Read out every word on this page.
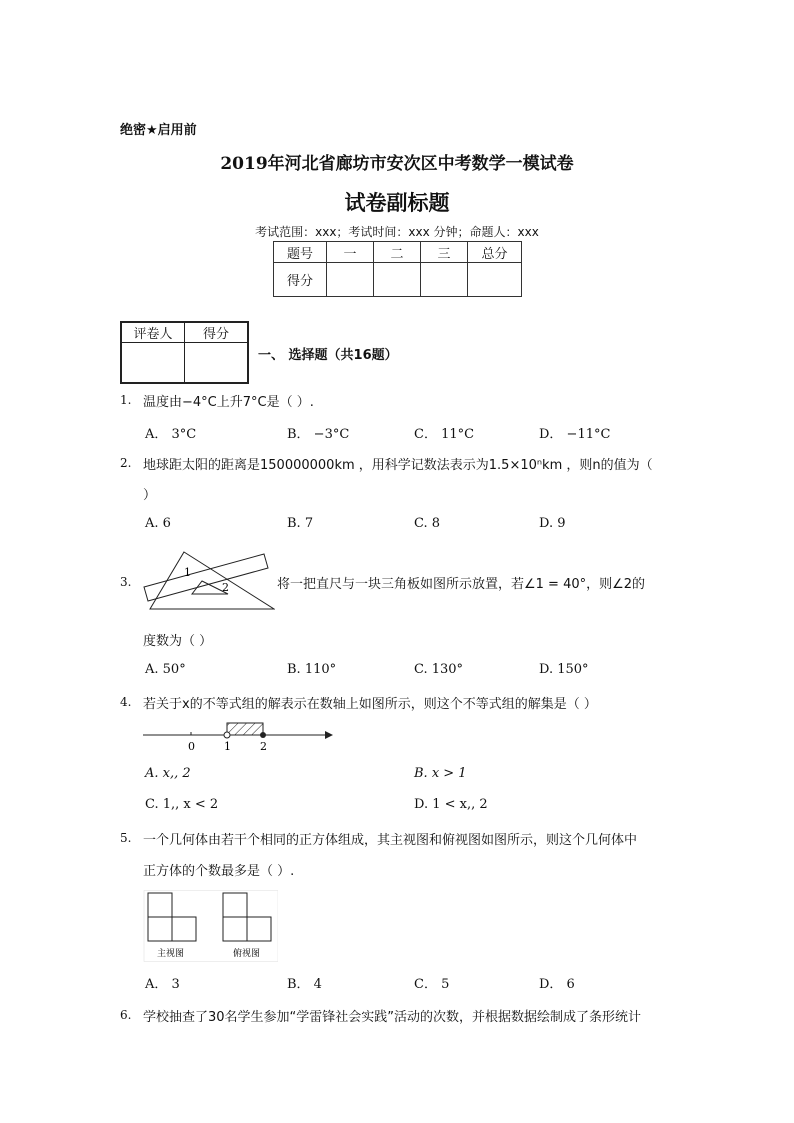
绝密★启用前
2019年河北省廊坊市安次区中考数学一模试卷
试卷副标题
考试范围：xxx；考试时间：xxx 分钟；命题人：xxx
题号	一	二	三	总分
得分				
评卷人	得分

一、 选择题（共16题）
1. 温度由−4°C上升7°C是（ ）.
A． 3°C	B． −3°C	C． 11°C	D． −11°C
2. 地球距太阳的距离是150000000km ，用科学记数法表示为1.5×10ⁿkm ，则n的值为（
）
A. 6	B. 7	C. 8	D. 9
3.
1
2	将一把直尺与一块三角板如图所示放置，若∠1 = 40°，则∠2的
度数为（ ）
A. 50°	B. 110°	C. 130°	D. 150°
4. 若关于x的不等式组的解表示在数轴上如图所示，则这个不等式组的解集是（ ）
0	1	2
A. x,, 2	B. x > 1
C. 1,, x < 2	D. 1 < x,, 2
5. 一个几何体由若干个相同的正方体组成，其主视图和俯视图如图所示，则这个几何体中
正方体的个数最多是（ ）.
主视图	俯视图
A． 3	B． 4	C． 5	D． 6
6. 学校抽查了30名学生参加“学雷锋社会实践”活动的次数，并根据数据绘制成了条形统计
